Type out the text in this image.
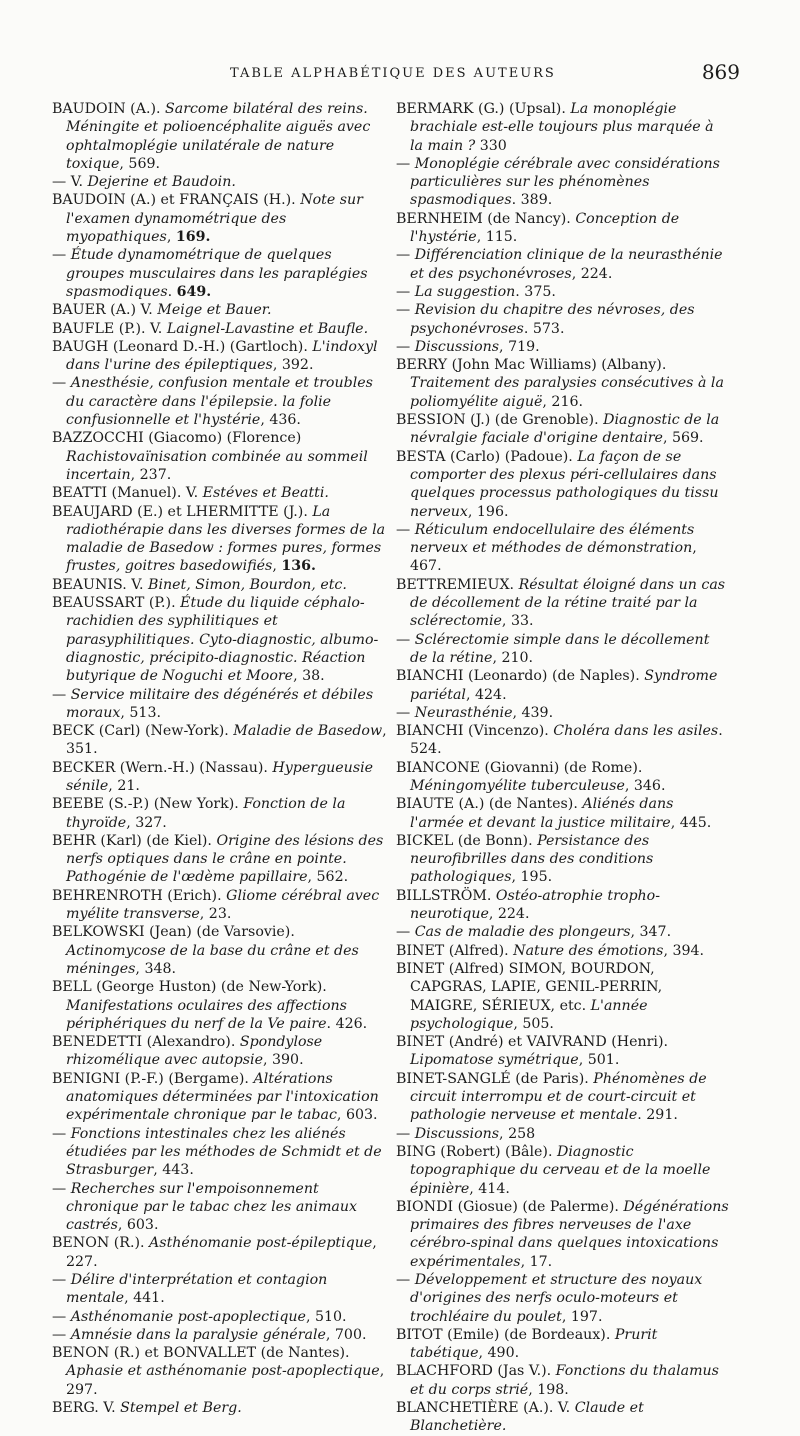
TABLE ALPHABÉTIQUE DES AUTEURS	869

BAUDOIN (A.). Sarcome bilatéral des reins. Méningite et polioencéphalite aiguës avec ophtalmoplégie unilatérale de nature toxique, 569.

— V. Dejerine et Baudoin.

BAUDOIN (A.) et FRANÇAIS (H.). Note sur l'examen dynamométrique des myopathiques, 169.

— Étude dynamométrique de quelques groupes musculaires dans les paraplégies spasmodiques. 649.

BAUER (A.) V. Meige et Bauer.

BAUFLE (P.). V. Laignel-Lavastine et Baufle.

BAUGH (Leonard D.-H.) (Gartloch). L'indoxyl dans l'urine des épileptiques, 392.

— Anesthésie, confusion mentale et troubles du caractère dans l'épilepsie. la folie confusionnelle et l'hystérie, 436.

BAZZOCCHI (Giacomo) (Florence) Rachistovaïnisation combinée au sommeil incertain, 237.

BEATTI (Manuel). V. Estéves et Beatti.

BEAUJARD (E.) et LHERMITTE (J.). La radiothérapie dans les diverses formes de la maladie de Basedow : formes pures, formes frustes, goitres basedowifiés, 136.

BEAUNIS. V. Binet, Simon, Bourdon, etc.

BEAUSSART (P.). Étude du liquide céphalo-rachidien des syphilitiques et parasyphilitiques. Cyto-diagnostic, albumo-diagnostic, précipito-diagnostic. Réaction butyrique de Noguchi et Moore, 38.

— Service militaire des dégénérés et débiles moraux, 513.

BECK (Carl) (New-York). Maladie de Basedow, 351.

BECKER (Wern.-H.) (Nassau). Hypergueusie sénile, 21.

BEEBE (S.-P.) (New York). Fonction de la thyroïde, 327.

BEHR (Karl) (de Kiel). Origine des lésions des nerfs optiques dans le crâne en pointe. Pathogénie de l'œdème papillaire, 562.

BEHRENROTH (Erich). Gliome cérébral avec myélite transverse, 23.

BELKOWSKI (Jean) (de Varsovie). Actinomycose de la base du crâne et des méninges, 348.

BELL (George Huston) (de New-York). Manifestations oculaires des affections périphériques du nerf de la Ve paire. 426.

BENEDETTI (Alexandro). Spondylose rhizomélique avec autopsie, 390.

BENIGNI (P.-F.) (Bergame). Altérations anatomiques déterminées par l'intoxication expérimentale chronique par le tabac, 603.

— Fonctions intestinales chez les aliénés étudiées par les méthodes de Schmidt et de Strasburger, 443.

— Recherches sur l'empoisonnement chronique par le tabac chez les animaux castrés, 603.

BENON (R.). Asthénomanie post-épileptique, 227.

— Délire d'interprétation et contagion mentale, 441.

— Asthénomanie post-apoplectique, 510.

— Amnésie dans la paralysie générale, 700.

BENON (R.) et BONVALLET (de Nantes). Aphasie et asthénomanie post-apoplectique, 297.

BERG. V. Stempel et Berg.

BERMARK (G.) (Upsal). La monoplégie brachiale est-elle toujours plus marquée à la main ? 330

— Monoplégie cérébrale avec considérations particulières sur les phénomènes spasmodiques. 389.

BERNHEIM (de Nancy). Conception de l'hystérie, 115.

— Différenciation clinique de la neurasthénie et des psychonévroses, 224.

— La suggestion. 375.

— Revision du chapitre des névroses, des psychonévroses. 573.

— Discussions, 719.

BERRY (John Mac Williams) (Albany). Traitement des paralysies consécutives à la poliomyélite aiguë, 216.

BESSION (J.) (de Grenoble). Diagnostic de la névralgie faciale d'origine dentaire, 569.

BESTA (Carlo) (Padoue). La façon de se comporter des plexus péri-cellulaires dans quelques processus pathologiques du tissu nerveux, 196.

— Réticulum endocellulaire des éléments nerveux et méthodes de démonstration, 467.

BETTREMIEUX. Résultat éloigné dans un cas de décollement de la rétine traité par la sclérectomie, 33.

— Sclérectomie simple dans le décollement de la rétine, 210.

BIANCHI (Leonardo) (de Naples). Syndrome pariétal, 424.

— Neurasthénie, 439.

BIANCHI (Vincenzo). Choléra dans les asiles. 524.

BIANCONE (Giovanni) (de Rome). Méningomyélite tuberculeuse, 346.

BIAUTE (A.) (de Nantes). Aliénés dans l'armée et devant la justice militaire, 445.

BICKEL (de Bonn). Persistance des neurofibrilles dans des conditions pathologiques, 195.

BILLSTRÖM. Ostéo-atrophie tropho-neurotique, 224.

— Cas de maladie des plongeurs, 347.

BINET (Alfred). Nature des émotions, 394.

BINET (Alfred) SIMON, BOURDON, CAPGRAS, LAPIE, GENIL-PERRIN, MAIGRE, SÉRIEUX, etc. L'année psychologique, 505.

BINET (André) et VAIVRAND (Henri). Lipomatose symétrique, 501.

BINET-SANGLÉ (de Paris). Phénomènes de circuit interrompu et de court-circuit et pathologie nerveuse et mentale. 291.

— Discussions, 258

BING (Robert) (Bâle). Diagnostic topographique du cerveau et de la moelle épinière, 414.

BIONDI (Giosue) (de Palerme). Dégénérations primaires des fibres nerveuses de l'axe cérébro-spinal dans quelques intoxications expérimentales, 17.

— Développement et structure des noyaux d'origines des nerfs oculo-moteurs et trochléaire du poulet, 197.

BITOT (Emile) (de Bordeaux). Prurit tabétique, 490.

BLACHFORD (Jas V.). Fonctions du thalamus et du corps strié, 198.

BLANCHETIÈRE (A.). V. Claude et Blanchetière.
